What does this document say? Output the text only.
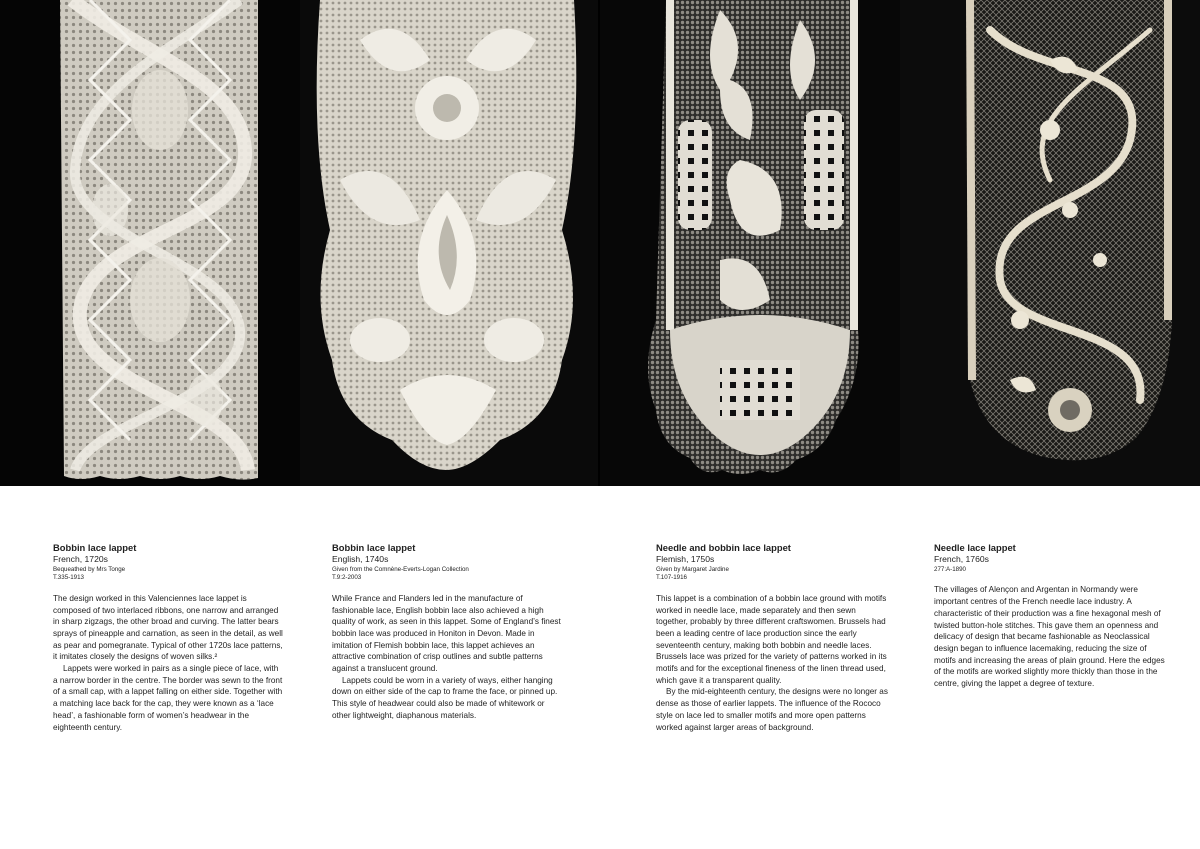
Bobbin lace lappet
French, 1720s
Bequeathed by Mrs Tonge
T.335-1913

The design worked in this Valenciennes lace lappet is composed of two interlaced ribbons, one narrow and arranged in sharp zigzags, the other broad and curving. The latter bears sprays of pineapple and carnation, as seen in the detail, as well as pear and pomegranate. Typical of other 1720s lace patterns, it imitates closely the designs of woven silks.²

Lappets were worked in pairs as a single piece of lace, with a narrow border in the centre. The border was sewn to the front of a small cap, with a lappet falling on either side. Together with a matching lace back for the cap, they were known as a ‘lace head’, a fashionable form of women’s headwear in the eighteenth century.

Bobbin lace lappet
English, 1740s
Given from the Comnène-Everts-Logan Collection
T.9:2-2003

While France and Flanders led in the manufacture of fashionable lace, English bobbin lace also achieved a high quality of work, as seen in this lappet. Some of England’s finest bobbin lace was produced in Honiton in Devon. Made in imitation of Flemish bobbin lace, this lappet achieves an attractive combination of crisp outlines and subtle patterns against a translucent ground.

Lappets could be worn in a variety of ways, either hanging down on either side of the cap to frame the face, or pinned up. This style of headwear could also be made of whitework or other lightweight, diaphanous materials.

Needle and bobbin lace lappet
Flemish, 1750s
Given by Margaret Jardine
T.107-1916

This lappet is a combination of a bobbin lace ground with motifs worked in needle lace, made separately and then sewn together, probably by three different craftswomen. Brussels had been a leading centre of lace production since the early seventeenth century, making both bobbin and needle laces. Brussels lace was prized for the variety of patterns worked in its motifs and for the exceptional fineness of the linen thread used, which gave it a transparent quality.

By the mid-eighteenth century, the designs were no longer as dense as those of earlier lappets. The influence of the Rococo style on lace led to smaller motifs and more open patterns worked against larger areas of background.

Needle lace lappet
French, 1760s
277:A-1890

The villages of Alençon and Argentan in Normandy were important centres of the French needle lace industry. A characteristic of their production was a fine hexagonal mesh of twisted button-hole stitches. This gave them an openness and delicacy of design that became fashionable as Neoclassical design began to influence lacemaking, reducing the size of motifs and increasing the areas of plain ground. Here the edges of the motifs are worked slightly more thickly than those in the centre, giving the lappet a degree of texture.
